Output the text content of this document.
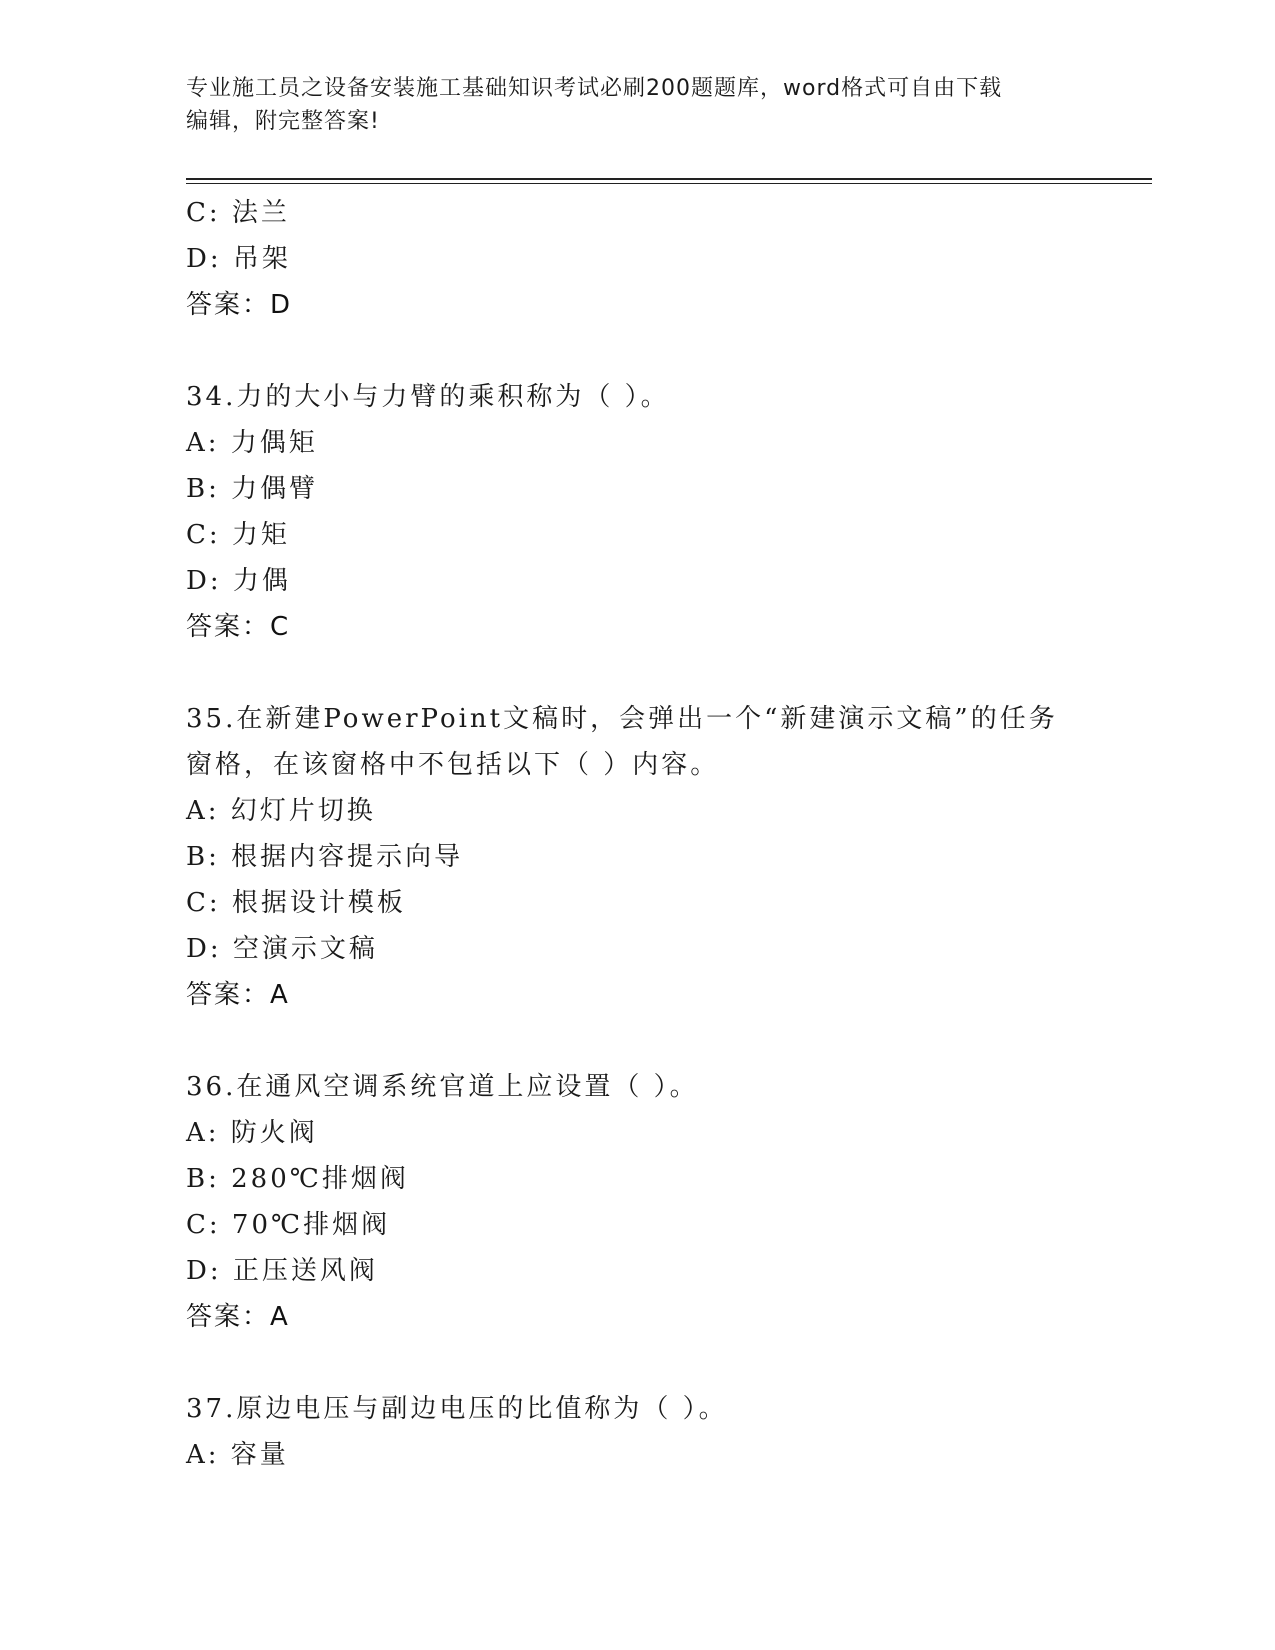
专业施工员之设备安装施工基础知识考试必刷200题题库，word格式可自由下载
编辑，附完整答案!
C: 法兰
D: 吊架
答案：D
34.力的大小与力臂的乘积称为（ ）。
A: 力偶矩
B: 力偶臂
C: 力矩
D: 力偶
答案：C
35.在新建PowerPoint文稿时，会弹出一个“新建演示文稿”的任务
窗格，在该窗格中不包括以下（ ）内容。
A: 幻灯片切换
B: 根据内容提示向导
C: 根据设计模板
D: 空演示文稿
答案：A
36.在通风空调系统官道上应设置（ ）。
A: 防火阀
B: 280℃排烟阀
C: 70℃排烟阀
D: 正压送风阀
答案：A
37.原边电压与副边电压的比值称为（ ）。
A: 容量
